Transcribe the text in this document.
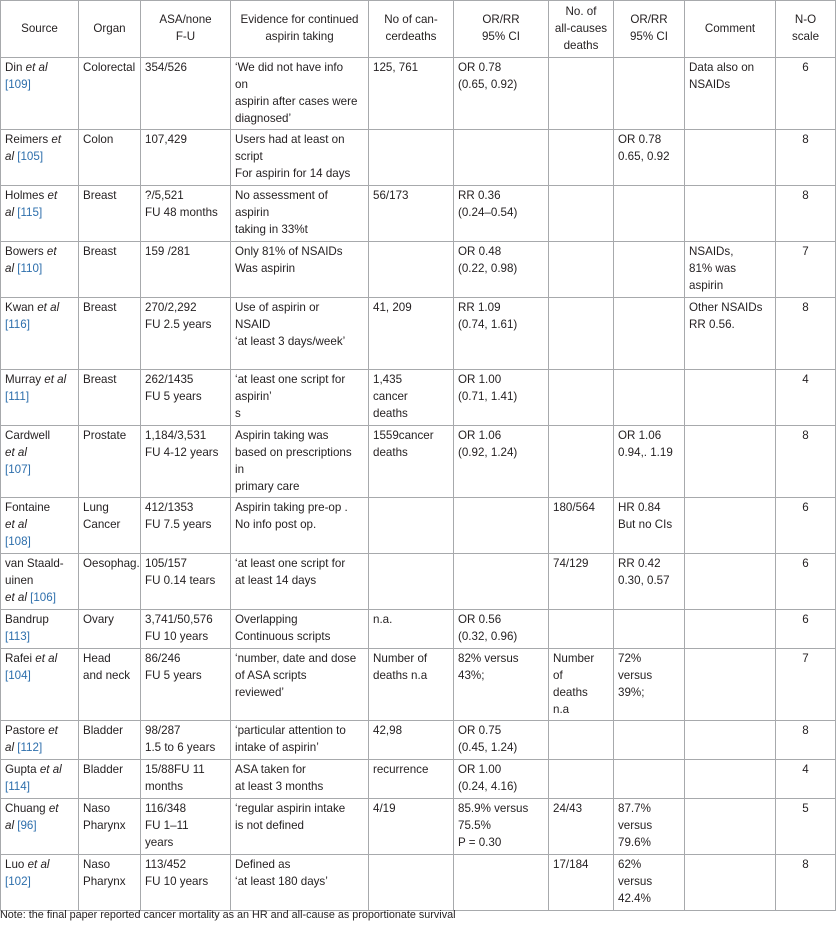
Source	Organ	ASA/none
F-U	Evidence for continued
aspirin taking	No of can-
cerdeaths	OR/RR
95% CI	No. of
all-causes
deaths	OR/RR
95% CI	Comment	N-O
scale

Din et al
[109]	Colorectal	354/526	‘We did not have info
on
aspirin after cases were
diagnosed’	125, 761	OR 0.78
(0.65, 0.92)			Data also on
NSAIDs	6

Reimers et
al [105]	Colon	107,429	Users had at least on
script
For aspirin for 14 days				OR 0.78
0.65, 0.92		8

Holmes et
al [115]	Breast	?/5,521
FU 48 months	No assessment of
aspirin
taking in 33%t	56/173	RR 0.36
(0.24–0.54)				8

Bowers et
al [110]	Breast	159 /281	Only 81% of NSAIDs
Was aspirin		OR 0.48
(0.22, 0.98)			NSAIDs,
81% was
aspirin	7

Kwan et al
[116]	Breast	270/2,292
FU 2.5 years	Use of aspirin or
NSAID
‘at least 3 days/week’	41, 209	RR 1.09
(0.74, 1.61)			Other NSAIDs
RR 0.56.	8

Murray et al
[111]	Breast	262/1435
FU 5 years	‘at least one script for
aspirin’
s	1,435
cancer
deaths	OR 1.00
(0.71, 1.41)				4

Cardwell
et al
[107]	Prostate	1,184/3,531
FU 4-12 years	Aspirin taking was
based on prescriptions
in
primary care	1559cancer
deaths	OR 1.06
(0.92, 1.24)		OR 1.06
0.94,. 1.19		8

Fontaine
et al
[108]	Lung
Cancer	412/1353
FU 7.5 years	Aspirin taking pre-op .
No info post op.			180/564	HR 0.84
But no CIs		6

van Staald-
uinen
et al [106]	Oesophag.	105/157
FU 0.14 tears	‘at least one script for
at least 14 days			74/129	RR 0.42
0.30, 0.57		6

Bandrup
[113]	Ovary	3,741/50,576
FU 10 years	Overlapping
Continuous scripts	n.a.	OR 0.56
(0.32, 0.96)				6

Rafei et al
[104]	Head
and neck	86/246
FU 5 years	‘number, date and dose
of ASA scripts
reviewed’	Number of
deaths n.a	82% versus
43%;	Number
of
deaths
n.a	72%
versus
39%;		7

Pastore et
al [112]	Bladder	98/287
1.5 to 6 years	‘particular attention to
intake of aspirin’	42,98	OR 0.75
(0.45, 1.24)				8

Gupta et al
[114]	Bladder	15/88FU 11
months	ASA taken for
at least 3 months	recurrence	OR 1.00
(0.24, 4.16)				4

Chuang et
al [96]	Naso
Pharynx	116/348
FU 1–11
years	‘regular aspirin intake
is not defined	4/19	85.9% versus
75.5%
P = 0.30	24/43	87.7%
versus
79.6%		5

Luo et al
[102]	Naso
Pharynx	113/452
FU 10 years	Defined as
‘at least 180 days’			17/184	62%
versus
42.4%		8
Note: the final paper reported cancer mortality as an HR and all-cause as proportionate survival
